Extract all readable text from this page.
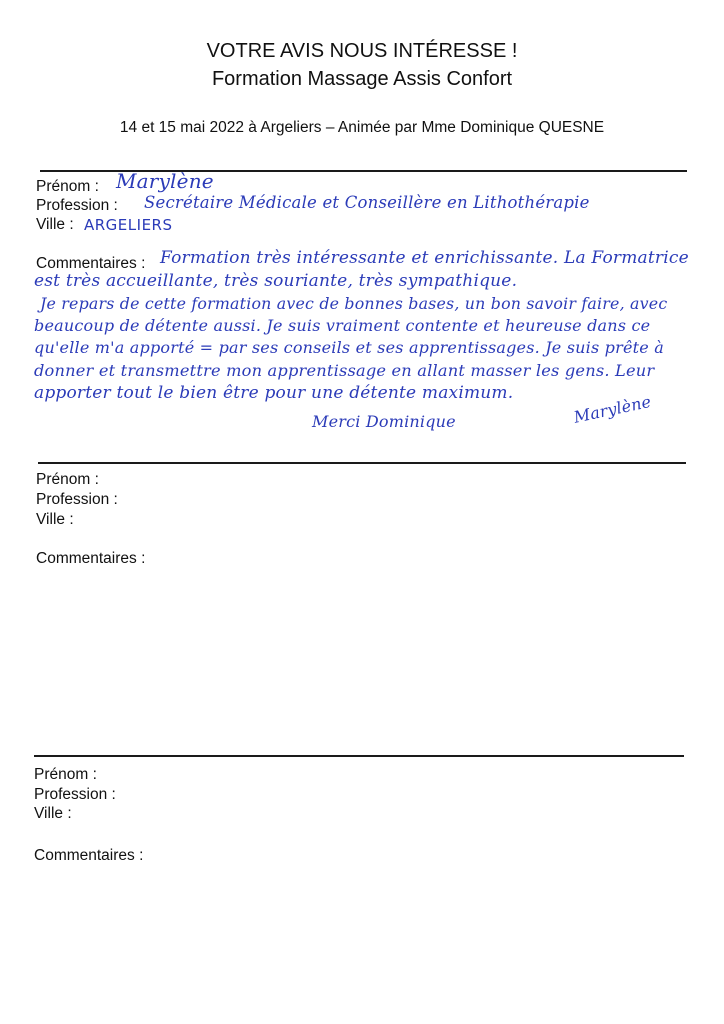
VOTRE AVIS NOUS INTÉRESSE !
Formation Massage Assis Confort
14 et 15 mai 2022 à Argeliers – Animée par Mme Dominique QUESNE
Prénom : Marylène
Profession : Secrétaire Médicale et Conseillère en Lithothérapie
Ville : ARGELIERS
Commentaires : Formation très intéressante et enrichissante. La Formatrice
est très accueillante, très souriante, très sympathique.
Je repars de cette formation avec de bonnes bases, un bon savoir faire, avec
beaucoup de détente aussi. Je suis vraiment contente et heureuse dans ce
qu'elle m'a apporté = par ses conseils et ses apprentissages. Je suis prête à
donner et transmettre mon apprentissage en allant masser les gens. Leur
apporter tout le bien être pour une détente maximum.
Merci Dominique	Marylène
Prénom :
Profession :
Ville :
Commentaires :
Prénom :
Profession :
Ville :
Commentaires :
